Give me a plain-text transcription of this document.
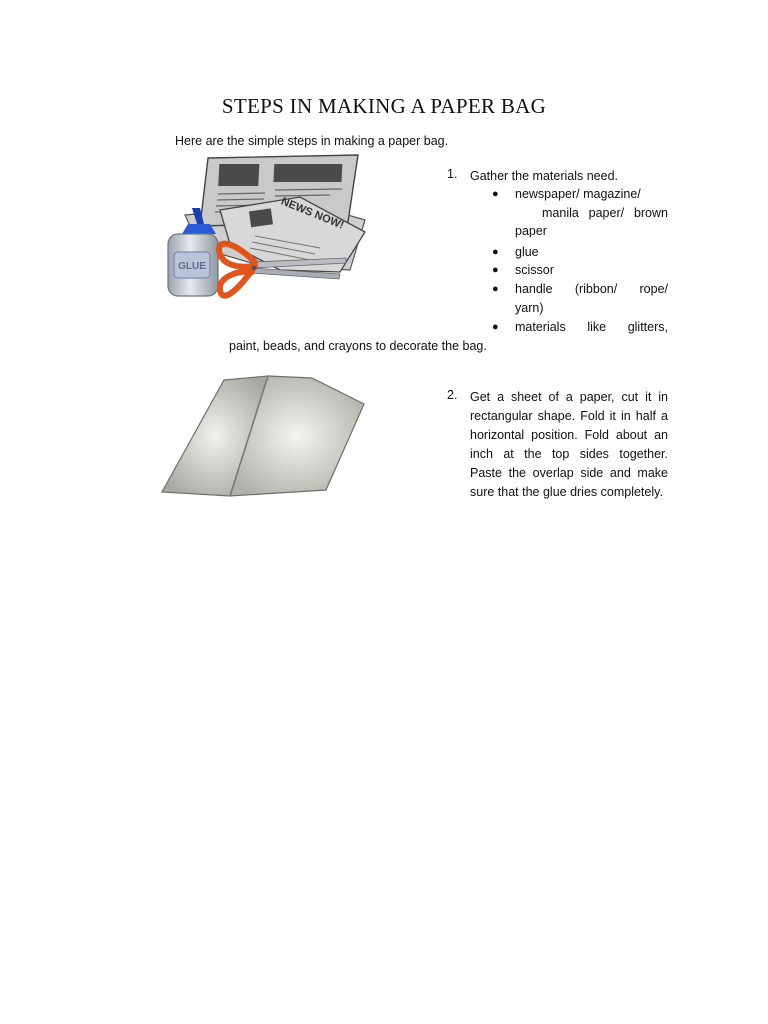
STEPS IN MAKING A PAPER BAG
Here are the simple steps in making a paper bag.
NEWS NOW!
GLUE
1. Gather the materials need.
● newspaper/ magazine/
manila paper/ brown
paper
● glue
● scissor
● handle (ribbon/ rope/
yarn)
● materials like glitters,
paint, beads, and crayons to decorate the bag.
2. Get a sheet of a paper, cut it in
rectangular shape. Fold it in half a
horizontal position. Fold about an
inch at the top sides together.
Paste the overlap side and make
sure that the glue dries completely.
